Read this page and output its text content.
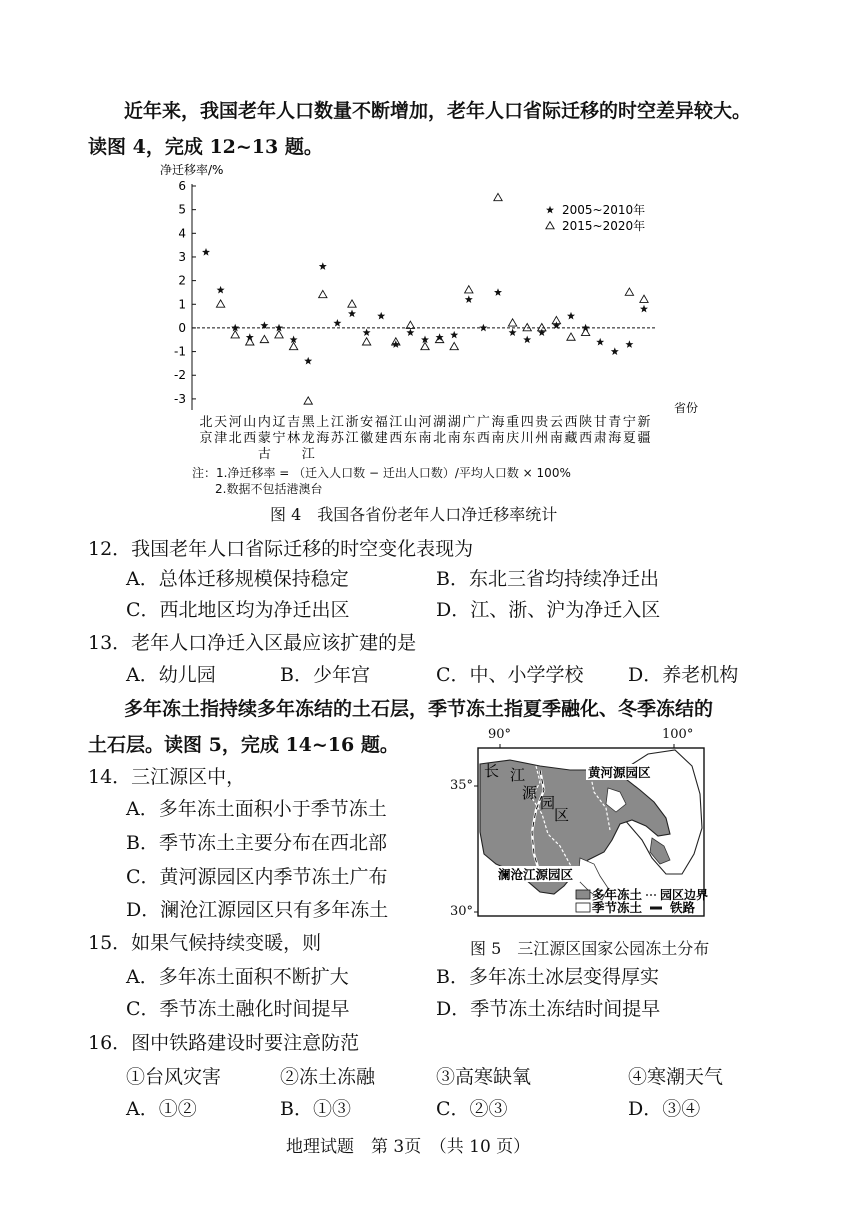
近年来，我国老年人口数量不断增加，老年人口省际迁移的时空差异较大。
读图 4，完成 12~13 题。
净迁移率/%
6
5
4
3
2
1
0
-1
-2
-3
省份
北
京
天
津
河
北
山
西
内
蒙
古
辽
宁
吉
林
黑
龙
江
上
海
江
苏
浙
江
安
徽
福
建
江
西
山
东
河
南
湖
北
湖
南
广
东
广
西
海
南
重
庆
四
川
贵
州
云
南
西
藏
陕
西
甘
肃
青
海
宁
夏
新
疆
2005~2010年
2015~2020年
注：1.净迁移率 = （迁入人口数 − 迁出人口数）/平均人口数 × 100%
2.数据不包括港澳台
图 4　我国各省份老年人口净迁移率统计
12．我国老年人口省际迁移的时空变化表现为
A．总体迁移规模保持稳定	B．东北三省均持续净迁出
C．西北地区均为净迁出区	D．江、浙、沪为净迁入区
13．老年人口净迁入区最应该扩建的是
A．幼儿园	B．少年宫	C．中、小学学校 D．养老机构
多年冻土指持续多年冻结的土石层，季节冻土指夏季融化、冬季冻结的
土石层。读图 5，完成 14~16 题。
14．三江源区中，
A．多年冻土面积小于季节冻土
B．季节冻土主要分布在西北部
C．黄河源园区内季节冻土广布
D．澜沧江源园区只有多年冻土
长 江
源
园
区
黄河源园区
澜沧江源园区
多年冻土 园区边界
季节冻土 铁路
90°	100°
35°
30°
图 5　三江源区国家公园冻土分布
15．如果气候持续变暖，则
A．多年冻土面积不断扩大	B．多年冻土冰层变得厚实
C．季节冻土融化时间提早	D．季节冻土冻结时间提早
16．图中铁路建设时要注意防范
①台风灾害	②冻土冻融	③高寒缺氧	④寒潮天气
A．①②	B．①③	C．②③	D．③④
地理试题　第 3页　（共 10 页）
